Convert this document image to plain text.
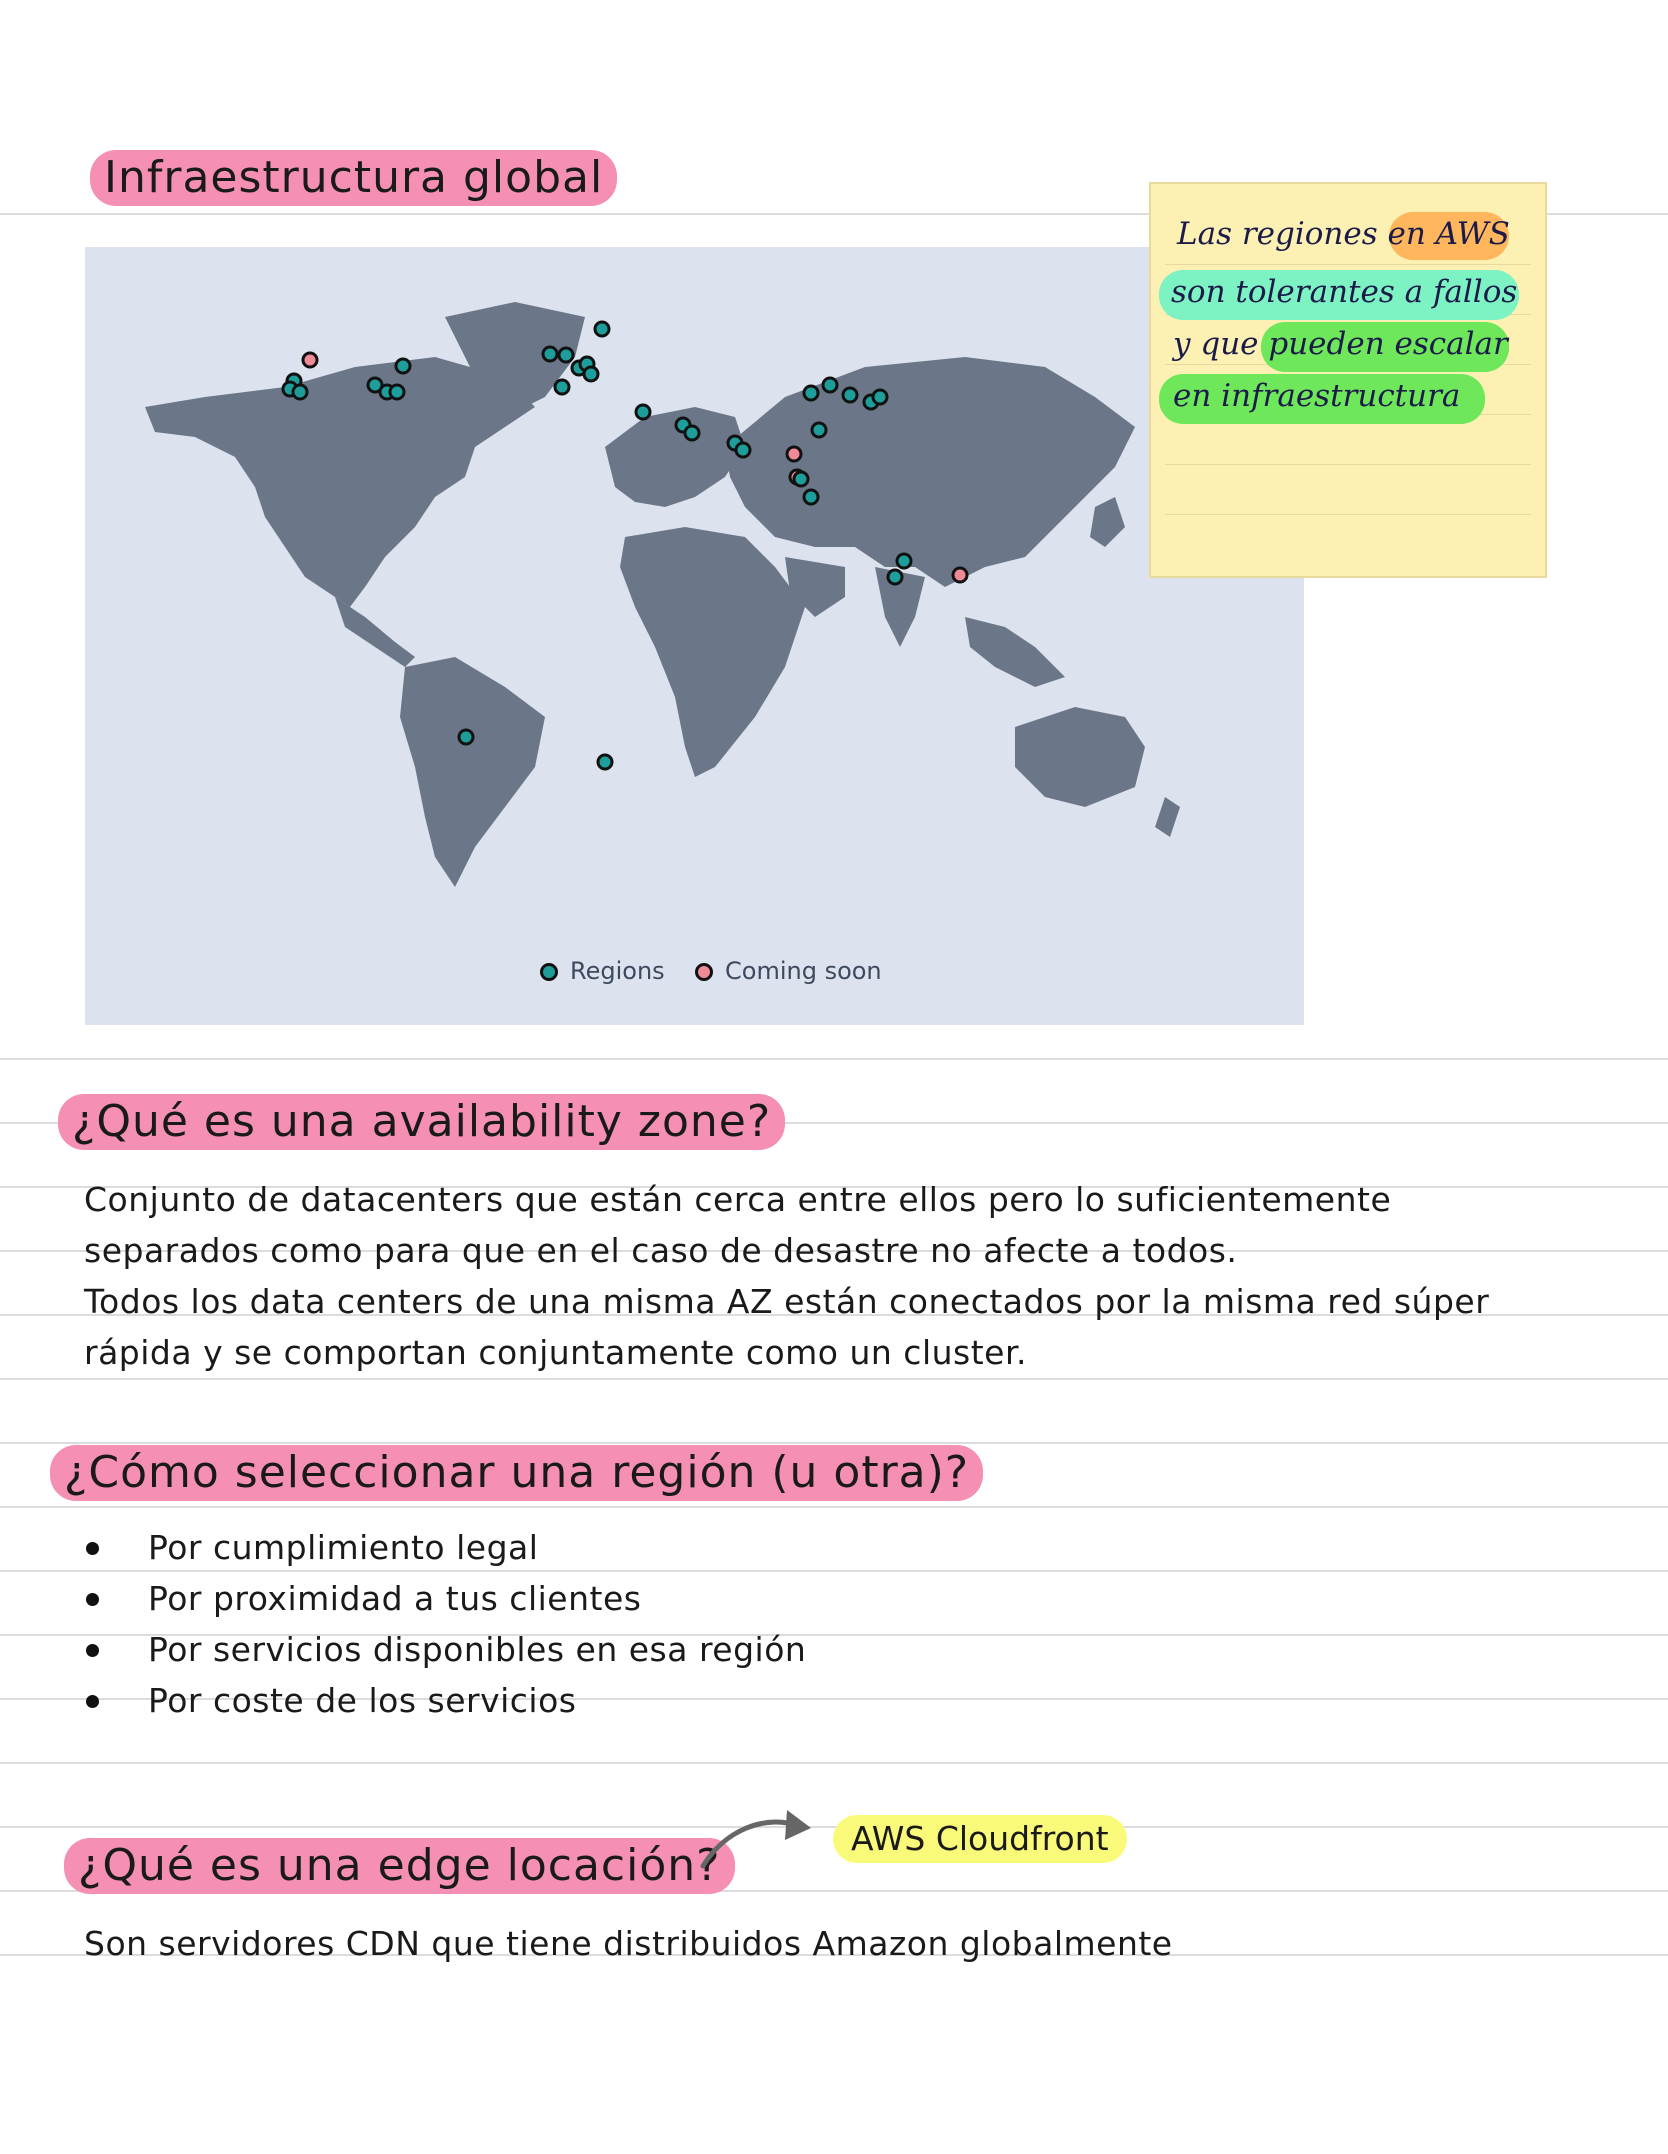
Infraestructura global
Regions	Coming soon
Las regiones en AWS
son tolerantes a fallos
y que pueden escalar
en infraestructura
¿Qué es una availability zone?
Conjunto de datacenters que están cerca entre ellos pero lo suficientemente
separados como para que en el caso de desastre no afecte a todos.
Todos los data centers de una misma AZ están conectados por la misma red súper
rápida y se comportan conjuntamente como un cluster.
¿Cómo seleccionar una región (u otra)?
Por cumplimiento legal
Por proximidad a tus clientes
Por servicios disponibles en esa región
Por coste de los servicios
¿Qué es una edge locación?
AWS Cloudfront
Son servidores CDN que tiene distribuidos Amazon globalmente
